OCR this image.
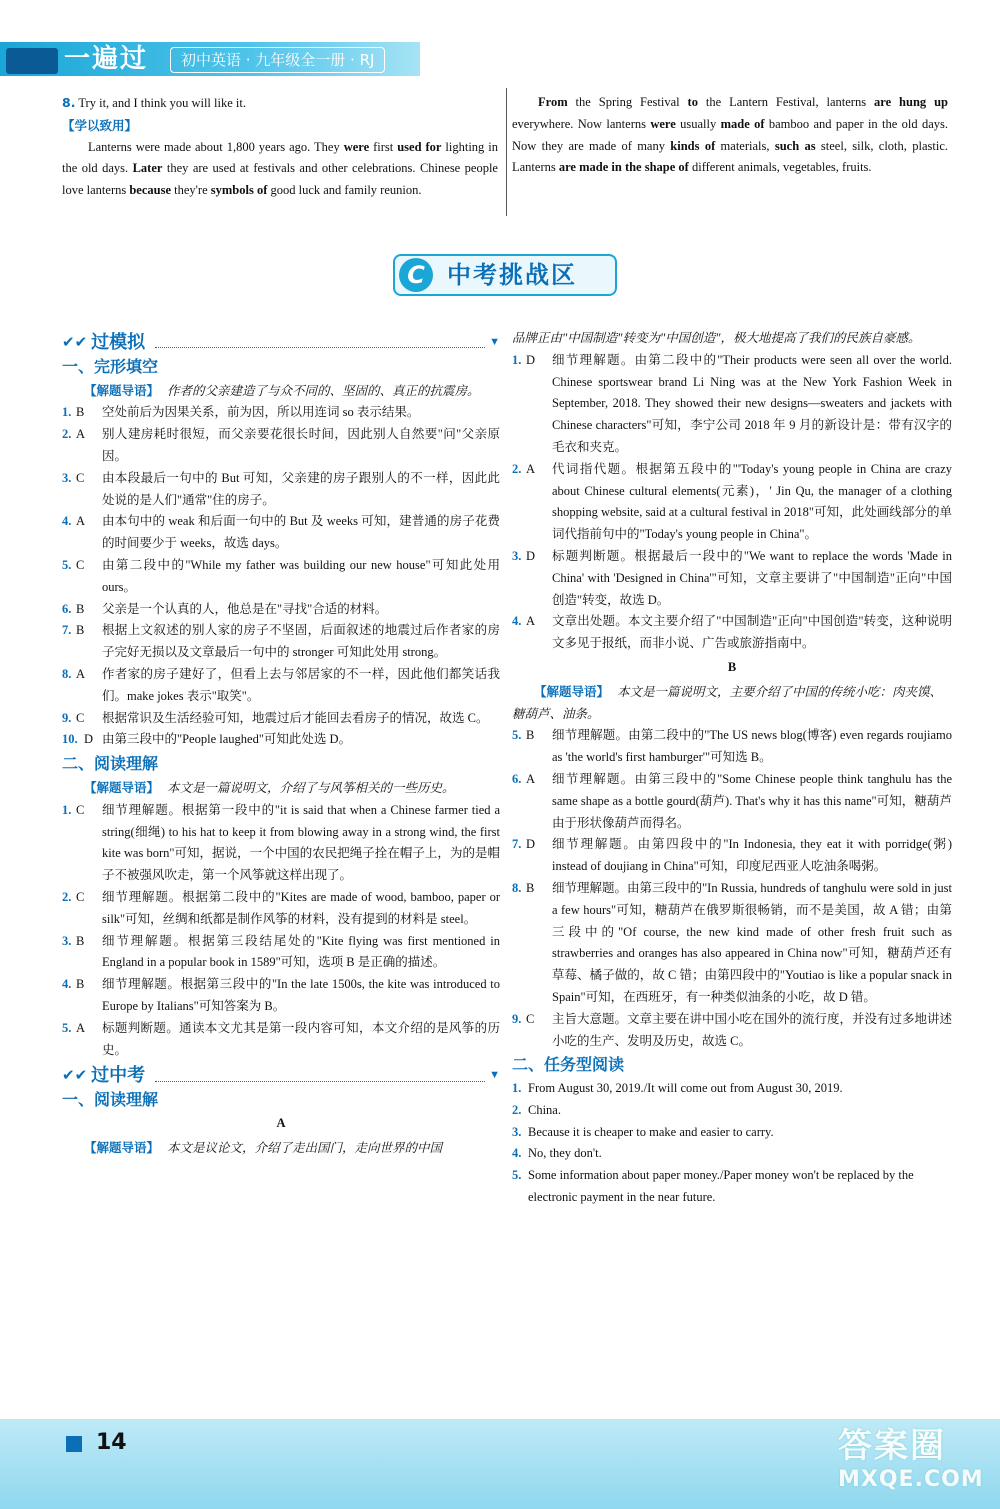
一遍过	初中英语 · 九年级全一册 · RJ
8. Try it, and I think you will like it.
【学以致用】
Lanterns were made about 1,800 years ago. They were first used for lighting in the old days. Later they are used at festivals and other celebrations. Chinese people love lanterns because they're symbols of good luck and family reunion.
From the Spring Festival to the Lantern Festival, lanterns are hung up everywhere. Now lanterns were usually made of bamboo and paper in the old days. Now they are made of many kinds of materials, such as steel, silk, cloth, plastic. Lanterns are made in the shape of different animals, vegetables, fruits.
C 中考挑战区
✔✔ 过模拟	▼
一、完形填空
【解题导语】 作者的父亲建造了与众不同的、坚固的、真正的抗震房。
1. B	空处前后为因果关系，前为因，所以用连词 so 表示结果。
2. A	别人建房耗时很短，而父亲要花很长时间，因此别人自然要"问"父亲原因。
3. C	由本段最后一句中的 But 可知，父亲建的房子跟别人的不一样，因此此处说的是人们"通常"住的房子。
4. A	由本句中的 weak 和后面一句中的 But 及 weeks 可知，建普通的房子花费的时间要少于 weeks，故选 days。
5. C	由第二段中的"While my father was building our new house"可知此处用 ours。
6. B	父亲是一个认真的人，他总是在"寻找"合适的材料。
7. B	根据上文叙述的别人家的房子不坚固，后面叙述的地震过后作者家的房子完好无损以及文章最后一句中的 stronger 可知此处用 strong。
8. A	作者家的房子建好了，但看上去与邻居家的不一样，因此他们都笑话我们。make jokes 表示"取笑"。
9. C	根据常识及生活经验可知，地震过后才能回去看房子的情况，故选 C。
10. D 由第三段中的"People laughed"可知此处选 D。
二、阅读理解
【解题导语】 本文是一篇说明文，介绍了与风筝相关的一些历史。
1. C	细节理解题。根据第一段中的"it is said that when a Chinese farmer tied a string(细绳) to his hat to keep it from blowing away in a strong wind, the first kite was born"可知，据说，一个中国的农民把绳子拴在帽子上，为的是帽子不被强风吹走，第一个风筝就这样出现了。
2. C	细节理解题。根据第二段中的"Kites are made of wood, bamboo, paper or silk"可知，丝绸和纸都是制作风筝的材料，没有提到的材料是 steel。
3. B	细节理解题。根据第三段结尾处的"Kite flying was first mentioned in England in a popular book in 1589"可知，选项 B 是正确的描述。
4. B	细节理解题。根据第三段中的"In the late 1500s, the kite was introduced to Europe by Italians"可知答案为 B。
5. A	标题判断题。通读本文尤其是第一段内容可知，本文介绍的是风筝的历史。
✔✔ 过中考	▼
一、阅读理解
A
【解题导语】 本文是议论文，介绍了走出国门，走向世界的中国
品牌正由"中国制造"转变为"中国创造"，极大地提高了我们的民族自豪感。
1. D	细节理解题。由第二段中的"Their products were seen all over the world. Chinese sportswear brand Li Ning was at the New York Fashion Week in September, 2018. They showed their new designs—sweaters and jackets with Chinese characters"可知，李宁公司 2018 年 9 月的新设计是：带有汉字的毛衣和夹克。
2. A	代词指代题。根据第五段中的"'Today's young people in China are crazy about Chinese cultural elements(元素)，' Jin Qu, the manager of a clothing shopping website, said at a cultural festival in 2018"可知，此处画线部分的单词代指前句中的"Today's young people in China"。
3. D	标题判断题。根据最后一段中的"We want to replace the words 'Made in China' with 'Designed in China'"可知，文章主要讲了"中国制造"正向"中国创造"转变，故选 D。
4. A	文章出处题。本文主要介绍了"中国制造"正向"中国创造"转变，这种说明文多见于报纸，而非小说、广告或旅游指南中。
B
【解题导语】 本文是一篇说明文，主要介绍了中国的传统小吃：肉夹馍、糖葫芦、油条。
5. B	细节理解题。由第二段中的"The US news blog(博客) even regards roujiamo as 'the world's first hamburger'"可知选 B。
6. A	细节理解题。由第三段中的"Some Chinese people think tanghulu has the same shape as a bottle gourd(葫芦). That's why it has this name"可知，糖葫芦由于形状像葫芦而得名。
7. D	细节理解题。由第四段中的"In Indonesia, they eat it with porridge(粥) instead of doujiang in China"可知，印度尼西亚人吃油条喝粥。
8. B	细节理解题。由第三段中的"In Russia, hundreds of tanghulu were sold in just a few hours"可知，糖葫芦在俄罗斯很畅销，而不是美国，故 A 错；由第三段中的"Of course, the new kind made of other fresh fruit such as strawberries and oranges has also appeared in China now"可知，糖葫芦还有草莓、橘子做的，故 C 错；由第四段中的"Youtiao is like a popular snack in Spain"可知，在西班牙，有一种类似油条的小吃，故 D 错。
9. C	主旨大意题。文章主要在讲中国小吃在国外的流行度，并没有过多地讲述小吃的生产、发明及历史，故选 C。
二、任务型阅读
1. From August 30, 2019./It will come out from August 30, 2019.
2. China.
3. Because it is cheaper to make and easier to carry.
4. No, they don't.
5. Some information about paper money./Paper money won't be replaced by the electronic payment in the near future.
14	答案圈
MXQE.COM
